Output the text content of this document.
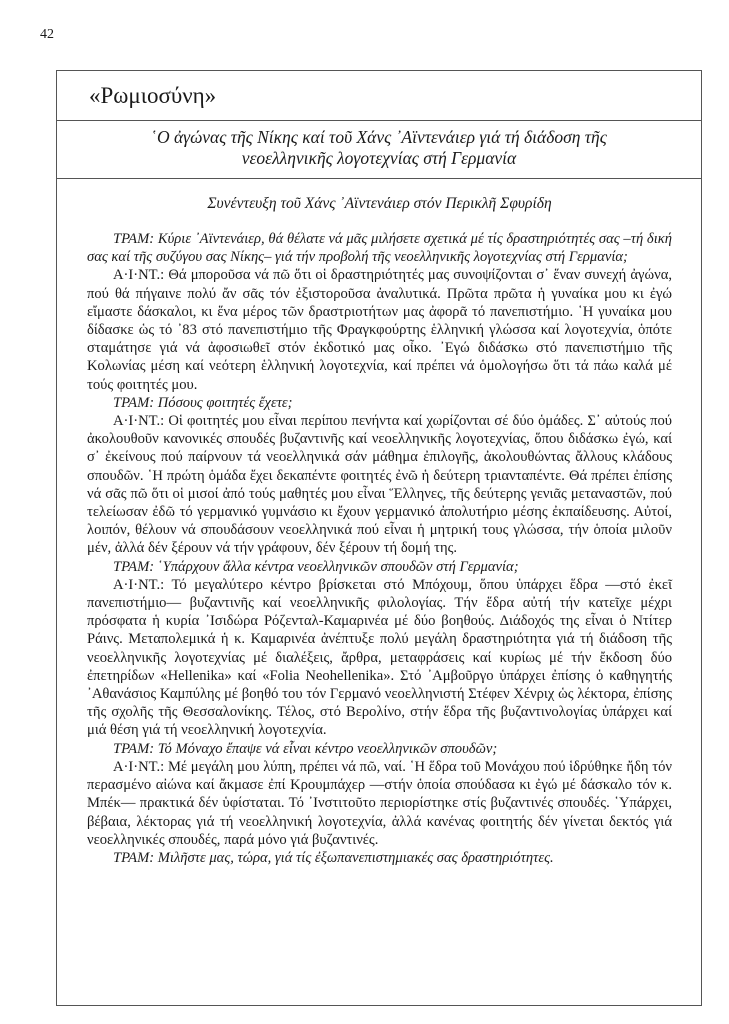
42
«Ρωμιοσύνη»
῾Ο ἀγώνας τῆς Νίκης καί τοῦ Χάνς ᾿Αϊντενάιερ γιά τή διάδοση τῆς
νεοελληνικῆς λογοτεχνίας στή Γερμανία
Συνέντευξη τοῦ Χάνς ᾿Αϊντενάιερ στόν Περικλῆ Σφυρίδη

ΤΡΑΜ: Κύριε ᾿Αϊντενάιερ, θά θέλατε νά μᾶς μιλήσετε σχετικά μέ τίς δραστηριότητές σας –τή δική σας καί τῆς συζύγου σας Νίκης– γιά τήν προβολή τῆς νεοελληνικῆς λογοτεχνίας στή Γερμανία;

Α·Ι·ΝΤ.: Θά μποροῦσα νά πῶ ὅτι οἱ δραστηριότητές μας συνοψίζονται σ᾿ ἕναν συνεχή ἀγώνα, πού θά πήγαινε πολύ ἄν σᾶς τόν ἐξιστοροῦσα ἀναλυτικά. Πρῶτα πρῶτα ἡ γυναίκα μου κι ἐγώ εἴμαστε δάσκαλοι, κι ἕνα μέρος τῶν δραστριοτήτων μας ἀφορᾶ τό πανεπιστήμιο. ῾Η γυναίκα μου δίδασκε ὡς τό ᾿83 στό πανεπιστήμιο τῆς Φραγκφούρτης ἑλληνική γλώσσα καί λογοτεχνία, ὁπότε σταμάτησε γιά νά ἀφοσιωθεῖ στόν ἐκδοτικό μας οἶκο. ᾿Εγώ διδάσκω στό πανεπιστήμιο τῆς Κολωνίας μέση καί νεότερη ἑλληνική λογοτεχνία, καί πρέπει νά ὁμολογήσω ὅτι τά πάω καλά μέ τούς φοιτητές μου.

ΤΡΑΜ: Πόσους φοιτητές ἔχετε;

Α·Ι·ΝΤ.: Οἱ φοιτητές μου εἶναι περίπου πενήντα καί χωρίζονται σέ δύο ὁμάδες. Σ᾿ αὐτούς πού ἀκολουθοῦν κανονικές σπουδές βυζαντινῆς καί νεοελληνικῆς λογοτεχνίας, ὅπου διδάσκω ἐγώ, καί σ᾿ ἐκείνους πού παίρνουν τά νεοελληνικά σάν μάθημα ἐπιλογῆς, ἀκολουθώντας ἄλλους κλάδους σπουδῶν. ῾Η πρώτη ὁμάδα ἔχει δεκαπέντε φοιτητές ἐνῶ ἡ δεύτερη τριανταπέντε. Θά πρέπει ἐπίσης νά σᾶς πῶ ὅτι οἱ μισοί ἀπό τούς μαθητές μου εἶναι Ἕλληνες, τῆς δεύτερης γενιᾶς μεταναστῶν, πού τελείωσαν ἐδῶ τό γερμανικό γυμνάσιο κι ἔχουν γερμανικό ἀπολυτήριο μέσης ἐκπαίδευσης. Αὐτοί, λοιπόν, θέλουν νά σπουδάσουν νεοελληνικά πού εἶναι ἡ μητρική τους γλώσσα, τήν ὁποία μιλοῦν μέν, ἀλλά δέν ξέρουν νά τήν γράφουν, δέν ξέρουν τή δομή της.

ΤΡΑΜ: ῾Υπάρχουν ἄλλα κέντρα νεοελληνικῶν σπουδῶν στή Γερμανία;

Α·Ι·ΝΤ.: Τό μεγαλύτερο κέντρο βρίσκεται στό Μπόχουμ, ὅπου ὑπάρχει ἕδρα —στό ἐκεῖ πανεπιστήμιο— βυζαντινῆς καί νεοελληνικῆς φιλολογίας. Τήν ἕδρα αὐτή τήν κατεῖχε μέχρι πρόσφατα ἡ κυρία ᾿Ισιδώρα Ρόζενταλ-Καμαρινέα μέ δύο βοηθούς. Διάδοχός της εἶναι ὁ Ντίτερ Ράινς. Μεταπολεμικά ἡ κ. Καμαρινέα ἀνέπτυξε πολύ μεγάλη δραστηριότητα γιά τή διάδοση τῆς νεοελληνικῆς λογοτεχνίας μέ διαλέξεις, ἄρθρα, μεταφράσεις καί κυρίως μέ τήν ἔκδοση δύο ἐπετηρίδων «Hellenika» καί «Folia Neohellenika». Στό ᾿Αμβοῦργο ὑπάρχει ἐπίσης ὁ καθηγητής ᾿Αθανάσιος Καμπύλης μέ βοηθό του τόν Γερμανό νεοελληνιστή Στέφεν Χένριχ ὡς λέκτορα, ἐπίσης τῆς σχολῆς τῆς Θεσσαλονίκης. Τέλος, στό Βερολίνο, στήν ἕδρα τῆς βυζαντινολογίας ὑπάρχει καί μιά θέση γιά τή νεοελληνική λογοτεχνία.

ΤΡΑΜ: Τό Μόναχο ἔπαψε νά εἶναι κέντρο νεοελληνικῶν σπουδῶν;

Α·Ι·ΝΤ.: Μέ μεγάλη μου λύπη, πρέπει νά πῶ, ναί. ῾Η ἕδρα τοῦ Μονάχου πού ἱδρύθηκε ἤδη τόν περασμένο αἰώνα καί ἄκμασε ἐπί Κρουμπάχερ —στήν ὁποία σπούδασα κι ἐγώ μέ δάσκαλο τόν κ. Μπέκ— πρακτικά δέν ὑφίσταται. Τό ᾿Ινστιτοῦτο περιορίστηκε στίς βυζαντινές σπουδές. ῾Υπάρχει, βέβαια, λέκτορας γιά τή νεοελληνική λογοτεχνία, ἀλλά κανένας φοιτητής δέν γίνεται δεκτός γιά νεοελληνικές σπουδές, παρά μόνο γιά βυζαντινές.

ΤΡΑΜ: Μιλῆστε μας, τώρα, γιά τίς ἐξωπανεπιστημιακές σας δραστηριότητες.
